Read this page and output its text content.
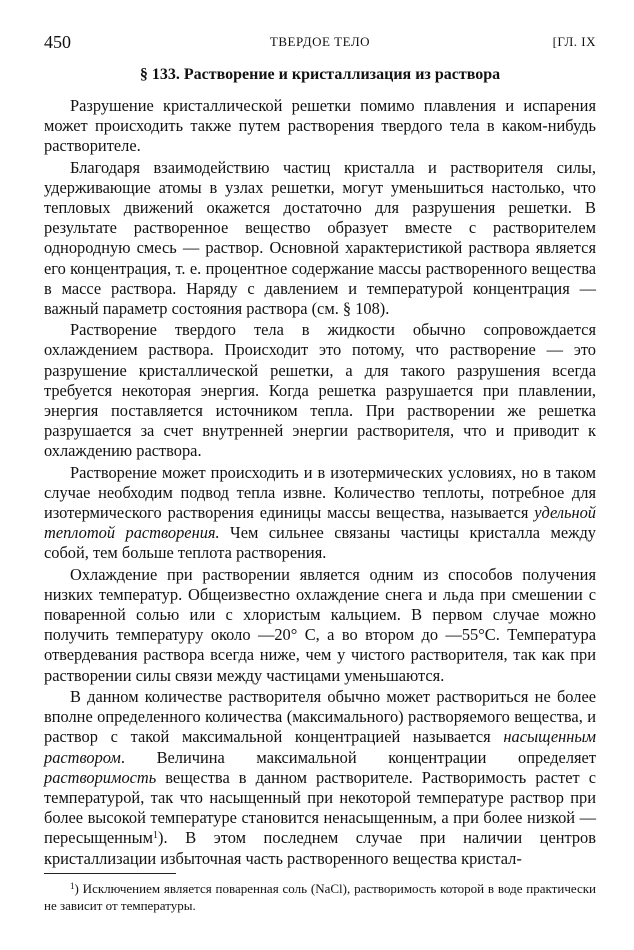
450	ТВЕРДОЕ ТЕЛО	[ГЛ. IX
§ 133. Растворение и кристаллизация из раствора

Разрушение кристаллической решетки помимо плавления и испарения может происходить также путем растворения твердого тела в каком-нибудь растворителе.

Благодаря взаимодействию частиц кристалла и растворителя силы, удерживающие атомы в узлах решетки, могут уменьшиться настолько, что тепловых движений окажется достаточно для разрушения решетки. В результате растворенное вещество образует вместе с растворителем однородную смесь — раствор. Основной характеристикой раствора является его концентрация, т. е. процентное содержание массы растворенного вещества в массе раствора. Наряду с давлением и температурой концентрация — важный параметр состояния раствора (см. § 108).

Растворение твердого тела в жидкости обычно сопровождается охлаждением раствора. Происходит это потому, что растворение — это разрушение кристаллической решетки, а для такого разрушения всегда требуется некоторая энергия. Когда решетка разрушается при плавлении, энергия поставляется источником тепла. При растворении же решетка разрушается за счет внутренней энергии растворителя, что и приводит к охлаждению раствора.

Растворение может происходить и в изотермических условиях, но в таком случае необходим подвод тепла извне. Количество теплоты, потребное для изотермического растворения единицы массы вещества, называется удельной теплотой растворения. Чем сильнее связаны частицы кристалла между собой, тем больше теплота растворения.

Охлаждение при растворении является одним из способов получения низких температур. Общеизвестно охлаждение снега и льда при смешении с поваренной солью или с хлористым кальцием. В первом случае можно получить температуру около —20° С, а во втором до —55°С. Температура отвердевания раствора всегда ниже, чем у чистого растворителя, так как при растворении силы связи между частицами уменьшаются.

В данном количестве растворителя обычно может раствориться не более вполне определенного количества (максимального) растворяемого вещества, и раствор с такой максимальной концентрацией называется насыщенным раствором. Величина максимальной концентрации определяет растворимость вещества в данном растворителе. Растворимость растет с температурой, так что насыщенный при некоторой температуре раствор при более высокой температуре становится ненасыщенным, а при более низкой — пересыщенным$^1$). В этом последнем случае при наличии центров кристаллизации избыточная часть растворенного вещества кристал-

$^1$) Исключением является поваренная соль (NaCl), растворимость которой в воде практически не зависит от температуры.
